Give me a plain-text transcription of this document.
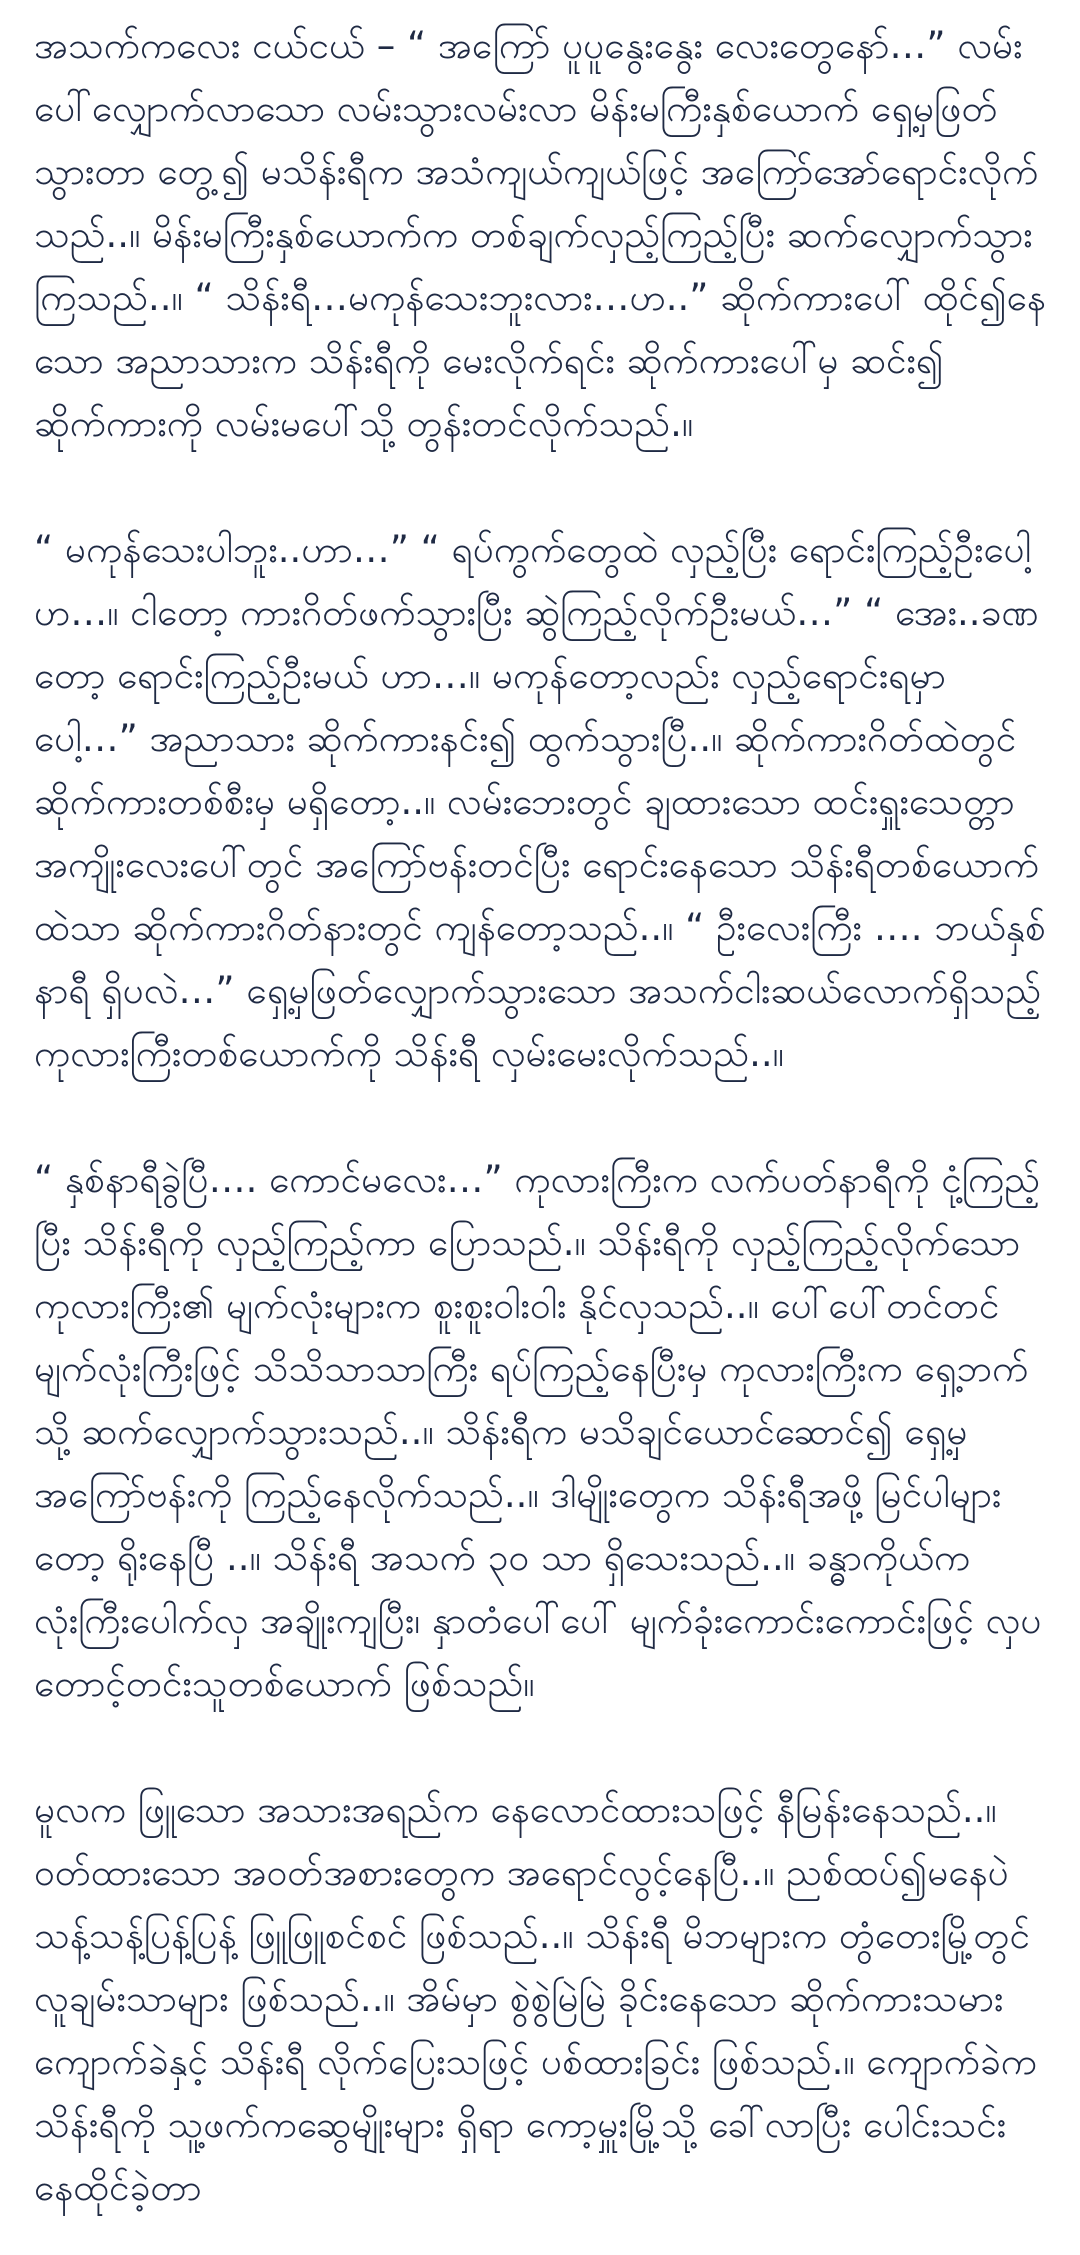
အသက်ကလေး ငယ်ငယ် – “ အကြော် ပူပူနွေးနွေး လေးတွေနော်…” လမ်းပေါ်လျှောက်လာသော လမ်းသွားလမ်းလာ မိန်းမကြီးနှစ်ယောက် ရှေ့မှဖြတ်သွားတာ တွေ့၍ မသိန်းရီက အသံကျယ်ကျယ်ဖြင့် အကြော်အော်ရောင်းလိုက်သည်..။ မိန်းမကြီးနှစ်ယောက်က တစ်ချက်လှည့်ကြည့်ပြီး ဆက်လျှောက်သွားကြသည်..။ “ သိန်းရီ…မကုန်သေးဘူးလား…ဟ..” ဆိုက်ကားပေါ် ထိုင်၍နေသော အညာသားက သိန်းရီကို မေးလိုက်ရင်း ဆိုက်ကားပေါ်မှ ဆင်း၍ ဆိုက်ကားကို လမ်းမပေါ်သို့ တွန်းတင်လိုက်သည်.။

“ မကုန်သေးပါဘူး..ဟာ…” “ ရပ်ကွက်တွေထဲ လှည့်ပြီး ရောင်းကြည့်ဦးပေါ့ဟ…။ ငါတော့ ကားဂိတ်ဖက်သွားပြီး ဆွဲကြည့်လိုက်ဦးမယ်…” “ အေး..ခဏတော့ ရောင်းကြည့်ဦးမယ် ဟာ…။ မကုန်တော့လည်း လှည့်ရောင်းရမှာပေါ့…” အညာသား ဆိုက်ကားနင်း၍ ထွက်သွားပြီ..။ ဆိုက်ကားဂိတ်ထဲတွင် ဆိုက်ကားတစ်စီးမှ မရှိတော့..။ လမ်းဘေးတွင် ချထားသော ထင်းရှူးသေတ္တာ အကျိုးလေးပေါ်တွင် အကြော်ဗန်းတင်ပြီး ရောင်းနေသော သိန်းရီတစ်ယောက်ထဲသာ ဆိုက်ကားဂိတ်နားတွင် ကျန်တော့သည်..။ “ ဦးလေးကြီး …. ဘယ်နှစ်နာရီ ရှိပလဲ…” ရှေ့မှဖြတ်လျှောက်သွားသော အသက်ငါးဆယ်လောက်ရှိသည့် ကုလားကြီးတစ်ယောက်ကို သိန်းရီ လှမ်းမေးလိုက်သည်..။

“ နှစ်နာရီခွဲပြီ…. ကောင်မလေး…” ကုလားကြီးက လက်ပတ်နာရီကို ငုံ့ကြည့်ပြီး သိန်းရီကို လှည့်ကြည့်ကာ ပြောသည်.။ သိန်းရီကို လှည့်ကြည့်လိုက်သော ကုလားကြီး၏ မျက်လုံးများက စူးစူးဝါးဝါး နိုင်လှသည်..။ ပေါ်ပေါ်တင်တင် မျက်လုံးကြီးဖြင့် သိသိသာသာကြီး ရပ်ကြည့်နေပြီးမှ ကုလားကြီးက ရှေ့ဘက်သို့ ဆက်လျှောက်သွားသည်..။ သိန်းရီက မသိချင်ယောင်ဆောင်၍ ရှေ့မှ အကြော်ဗန်းကို ကြည့်နေလိုက်သည်..။ ဒါမျိုးတွေက သိန်းရီအဖို့ မြင်ပါများတော့ ရိုးနေပြီ ..။ သိန်းရီ အသက် ၃၀ သာ ရှိသေးသည်..။ ခန္ဓာကိုယ်က လုံးကြီးပေါက်လှ အချိုးကျပြီး၊ နှာတံပေါ်ပေါ် မျက်ခုံးကောင်းကောင်းဖြင့် လှပတောင့်တင်းသူတစ်ယောက် ဖြစ်သည်။

မူလက ဖြူသော အသားအရည်က နေလောင်ထားသဖြင့် နီမြန်းနေသည်..။ ဝတ်ထားသော အဝတ်အစားတွေက အရောင်လွင့်နေပြီ..။ ညစ်ထပ်၍မနေပဲ သန့်သန့်ပြန့်ပြန့် ဖြူဖြူစင်စင် ဖြစ်သည်..။ သိန်းရီ မိဘများက တွံတေးမြို့တွင် လူချမ်းသာများ ဖြစ်သည်..။ အိမ်မှာ စွဲစွဲမြဲမြဲ ခိုင်းနေသော ဆိုက်ကားသမား ကျောက်ခဲနှင့် သိန်းရီ လိုက်ပြေးသဖြင့် ပစ်ထားခြင်း ဖြစ်သည်.။ ကျောက်ခဲက သိန်းရီကို သူ့ဖက်ကဆွေမျိုးများ ရှိရာ ကော့မှူးမြို့သို့ ခေါ်လာပြီး ပေါင်းသင်းနေထိုင်ခဲ့တာ
